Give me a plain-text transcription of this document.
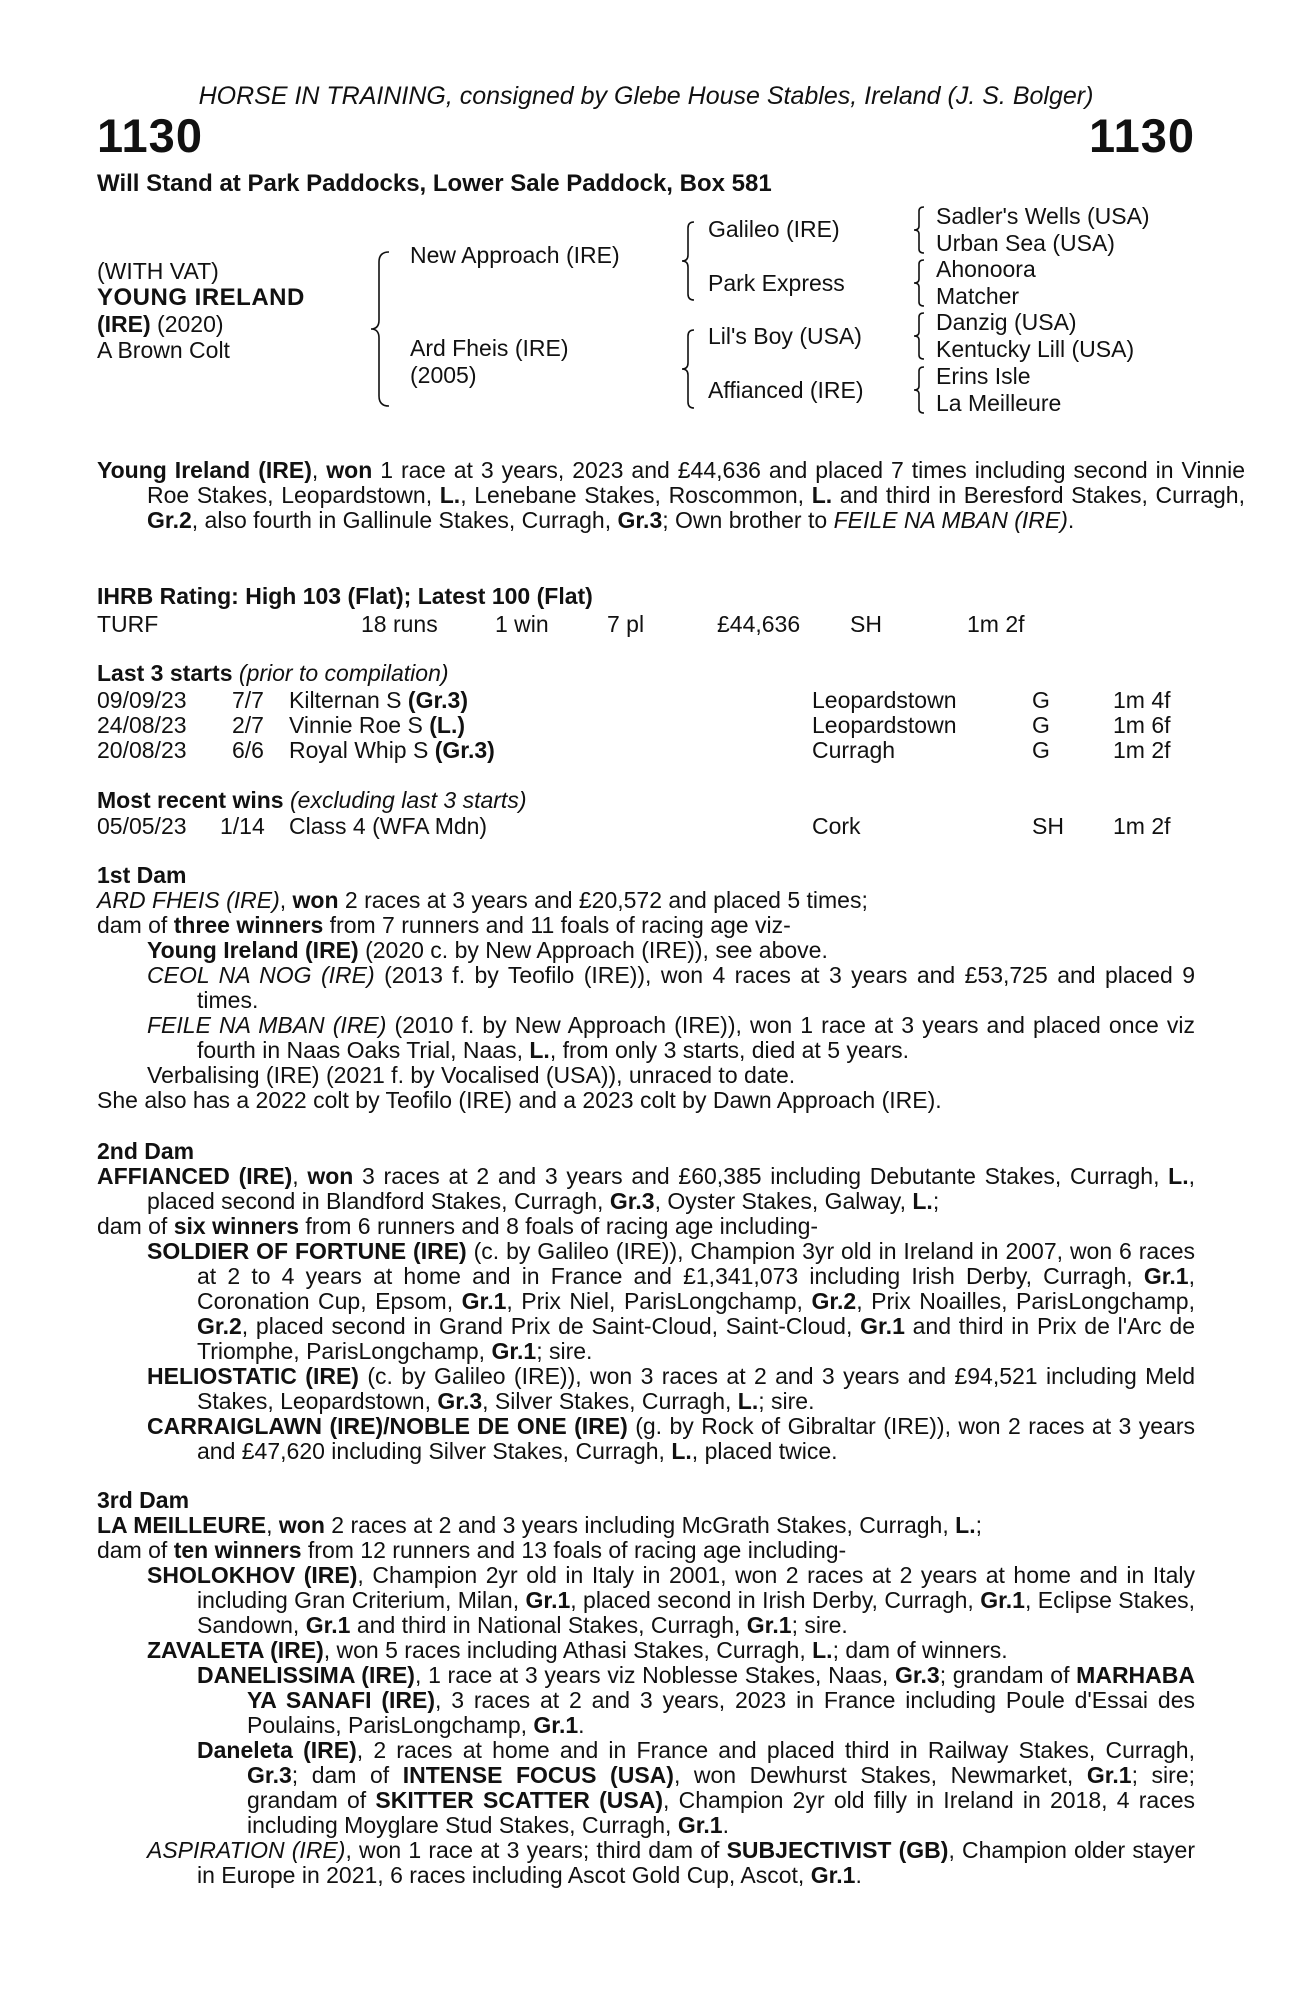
HORSE IN TRAINING, consigned by Glebe House Stables, Ireland (J. S. Bolger)
1130	1130
Will Stand at Park Paddocks, Lower Sale Paddock, Box 581
(WITH VAT)
YOUNG IRELAND
(IRE) (2020)
A Brown Colt
New Approach (IRE)
Ard Fheis (IRE)
(2005)
Galileo (IRE)
Park Express
Lil's Boy (USA)
Affianced (IRE)
Sadler's Wells (USA)
Urban Sea (USA)
Ahonoora
Matcher
Danzig (USA)
Kentucky Lill (USA)
Erins Isle
La Meilleure
Young Ireland (IRE), won 1 race at 3 years, 2023 and £44,636 and placed 7 times including second in Vinnie Roe Stakes, Leopardstown, L., Lenebane Stakes, Roscommon, L. and third in Beresford Stakes, Curragh, Gr.2, also fourth in Gallinule Stakes, Curragh, Gr.3; Own brother to FEILE NA MBAN (IRE).
IHRB Rating: High 103 (Flat); Latest 100 (Flat)
TURF	18 runs 1 win	7 pl	£44,636 SH	1m 2f
Last 3 starts (prior to compilation)
09/09/23 7/7 Kilternan S (Gr.3)	Leopardstown	G	1m 4f
24/08/23 2/7 Vinnie Roe S (L.)	Leopardstown	G	1m 6f
20/08/23 6/6 Royal Whip S (Gr.3)	Curragh	G	1m 2f
Most recent wins (excluding last 3 starts)
05/05/23 1/14 Class 4 (WFA Mdn)	Cork	SH 1m 2f
1st Dam
ARD FHEIS (IRE), won 2 races at 3 years and £20,572 and placed 5 times;
dam of three winners from 7 runners and 11 foals of racing age viz-
Young Ireland (IRE) (2020 c. by New Approach (IRE)), see above.
CEOL NA NOG (IRE) (2013 f. by Teofilo (IRE)), won 4 races at 3 years and £53,725 and placed 9 times.
FEILE NA MBAN (IRE) (2010 f. by New Approach (IRE)), won 1 race at 3 years and placed once viz fourth in Naas Oaks Trial, Naas, L., from only 3 starts, died at 5 years.
Verbalising (IRE) (2021 f. by Vocalised (USA)), unraced to date.
She also has a 2022 colt by Teofilo (IRE) and a 2023 colt by Dawn Approach (IRE).
2nd Dam
AFFIANCED (IRE), won 3 races at 2 and 3 years and £60,385 including Debutante Stakes, Curragh, L., placed second in Blandford Stakes, Curragh, Gr.3, Oyster Stakes, Galway, L.;
dam of six winners from 6 runners and 8 foals of racing age including-
SOLDIER OF FORTUNE (IRE) (c. by Galileo (IRE)), Champion 3yr old in Ireland in 2007, won 6 races at 2 to 4 years at home and in France and £1,341,073 including Irish Derby, Curragh, Gr.1, Coronation Cup, Epsom, Gr.1, Prix Niel, ParisLongchamp, Gr.2, Prix Noailles, ParisLongchamp, Gr.2, placed second in Grand Prix de Saint-Cloud, Saint-Cloud, Gr.1 and third in Prix de l'Arc de Triomphe, ParisLongchamp, Gr.1; sire.
HELIOSTATIC (IRE) (c. by Galileo (IRE)), won 3 races at 2 and 3 years and £94,521 including Meld Stakes, Leopardstown, Gr.3, Silver Stakes, Curragh, L.; sire.
CARRAIGLAWN (IRE)/NOBLE DE ONE (IRE) (g. by Rock of Gibraltar (IRE)), won 2 races at 3 years and £47,620 including Silver Stakes, Curragh, L., placed twice.
3rd Dam
LA MEILLEURE, won 2 races at 2 and 3 years including McGrath Stakes, Curragh, L.;
dam of ten winners from 12 runners and 13 foals of racing age including-
SHOLOKHOV (IRE), Champion 2yr old in Italy in 2001, won 2 races at 2 years at home and in Italy including Gran Criterium, Milan, Gr.1, placed second in Irish Derby, Curragh, Gr.1, Eclipse Stakes, Sandown, Gr.1 and third in National Stakes, Curragh, Gr.1; sire.
ZAVALETA (IRE), won 5 races including Athasi Stakes, Curragh, L.; dam of winners.
DANELISSIMA (IRE), 1 race at 3 years viz Noblesse Stakes, Naas, Gr.3; grandam of MARHABA YA SANAFI (IRE), 3 races at 2 and 3 years, 2023 in France including Poule d'Essai des Poulains, ParisLongchamp, Gr.1.
Daneleta (IRE), 2 races at home and in France and placed third in Railway Stakes, Curragh, Gr.3; dam of INTENSE FOCUS (USA), won Dewhurst Stakes, Newmarket, Gr.1; sire; grandam of SKITTER SCATTER (USA), Champion 2yr old filly in Ireland in 2018, 4 races including Moyglare Stud Stakes, Curragh, Gr.1.
ASPIRATION (IRE), won 1 race at 3 years; third dam of SUBJECTIVIST (GB), Champion older stayer in Europe in 2021, 6 races including Ascot Gold Cup, Ascot, Gr.1.
